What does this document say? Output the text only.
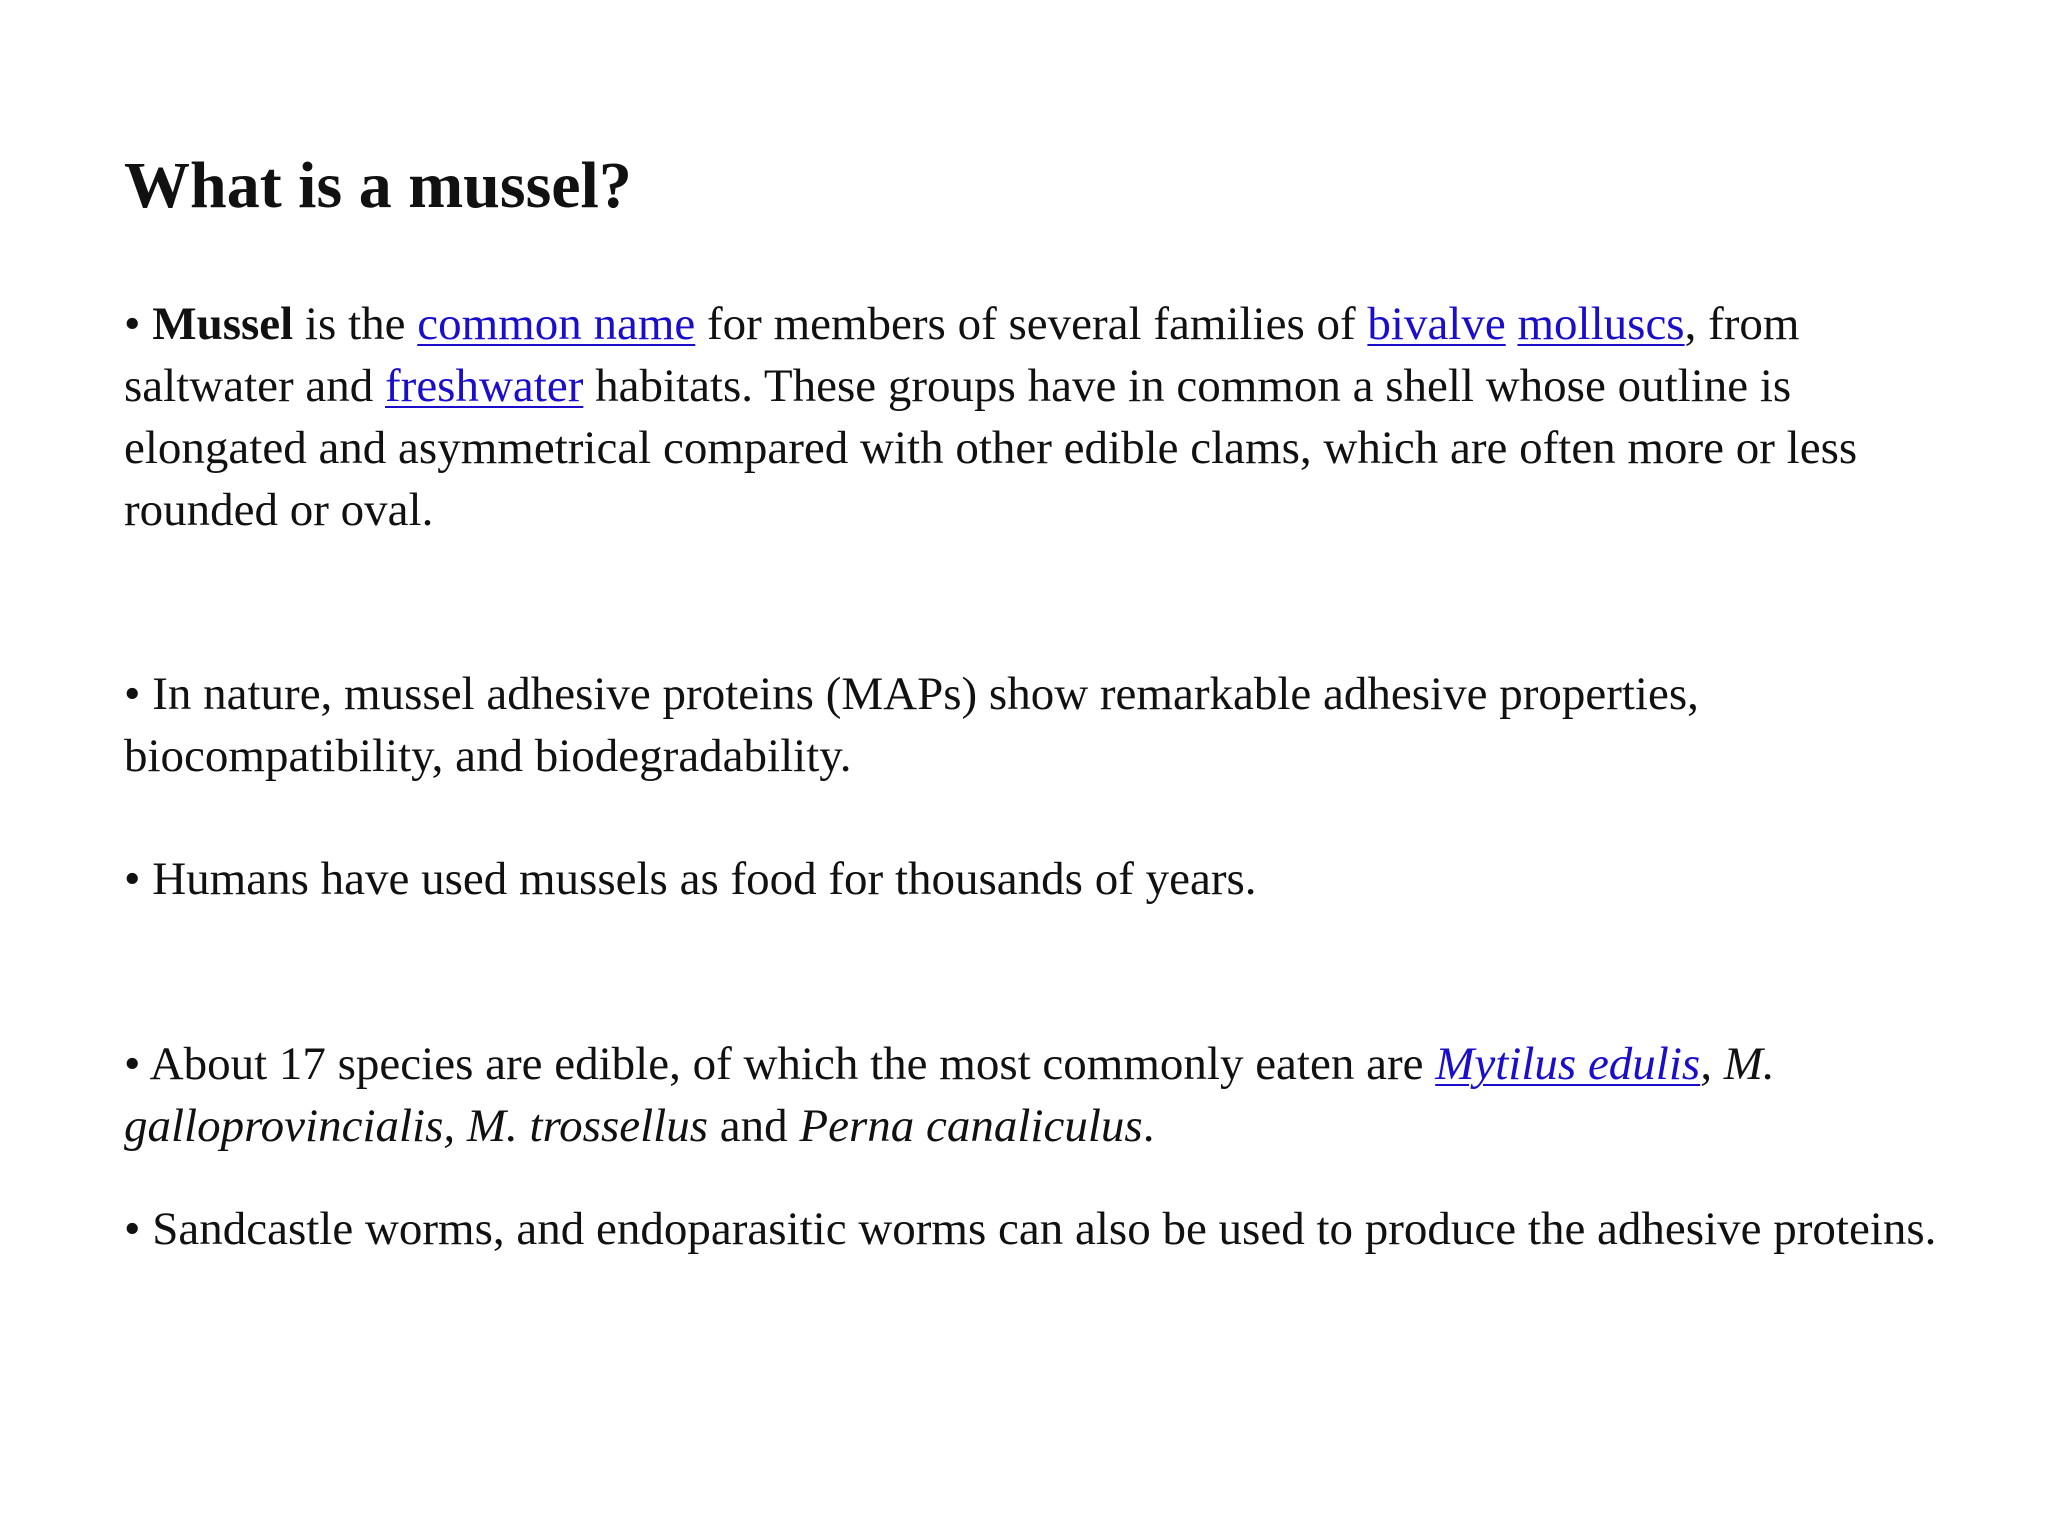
What is a mussel?

• Mussel is the common name for members of several families of bivalve molluscs, from saltwater and freshwater habitats. These groups have in common a shell whose outline is elongated and asymmetrical compared with other edible clams, which are often more or less rounded or oval.

• In nature, mussel adhesive proteins (MAPs) show remarkable adhesive properties, biocompatibility, and biodegradability.

• Humans have used mussels as food for thousands of years.

• About 17 species are edible, of which the most commonly eaten are Mytilus edulis, M. galloprovincialis, M. trossellus and Perna canaliculus.

• Sandcastle worms, and endoparasitic worms can also be used to produce the adhesive proteins.
